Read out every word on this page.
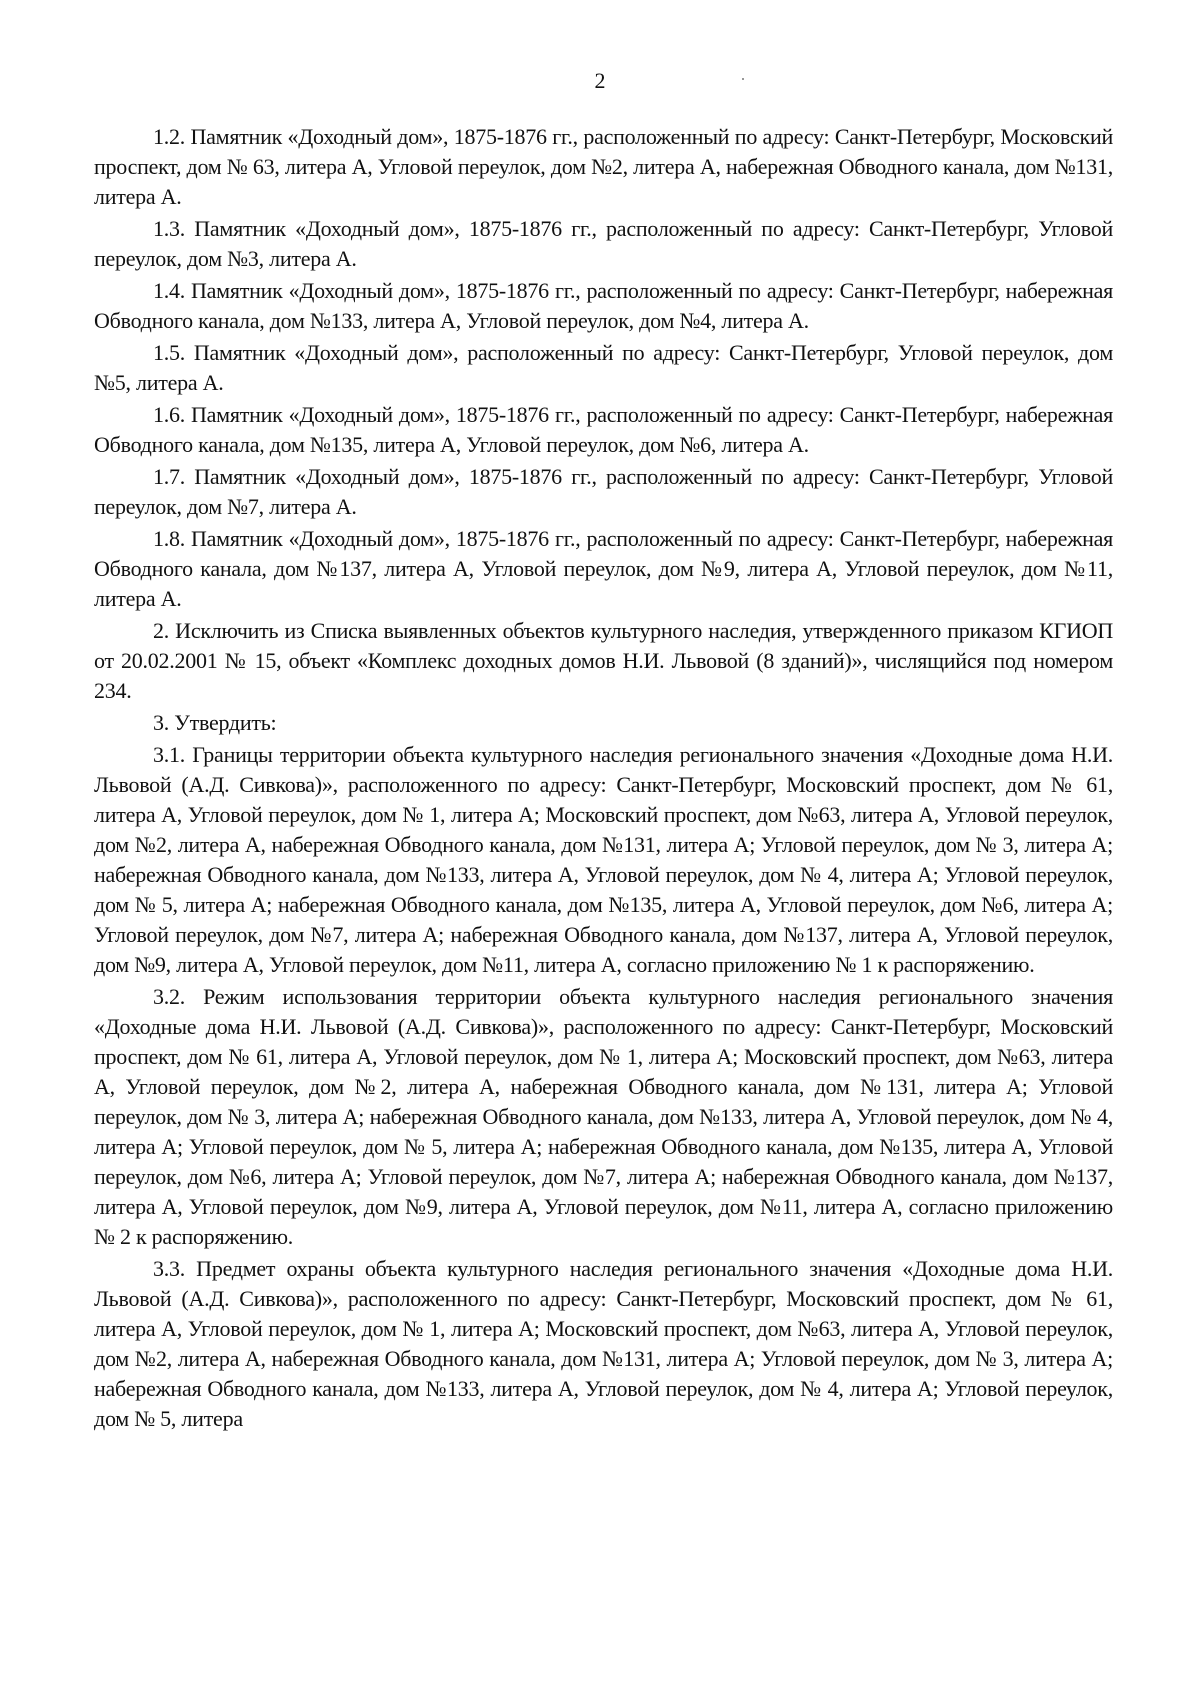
2

1.2. Памятник «Доходный дом», 1875-1876 гг., расположенный по адресу: Санкт-Петербург, Московский проспект, дом № 63, литера А, Угловой переулок, дом №2, литера А, набережная Обводного канала, дом №131, литера А.

1.3. Памятник «Доходный дом», 1875-1876 гг., расположенный по адресу: Санкт-Петербург, Угловой переулок, дом №3, литера А.

1.4. Памятник «Доходный дом», 1875-1876 гг., расположенный по адресу: Санкт-Петербург, набережная Обводного канала, дом №133, литера А, Угловой переулок, дом №4, литера А.

1.5. Памятник «Доходный дом», расположенный по адресу: Санкт-Петербург, Угловой переулок, дом №5, литера А.

1.6. Памятник «Доходный дом», 1875-1876 гг., расположенный по адресу: Санкт-Петербург, набережная Обводного канала, дом №135, литера А, Угловой переулок, дом №6, литера А.

1.7. Памятник «Доходный дом», 1875-1876 гг., расположенный по адресу: Санкт-Петербург, Угловой переулок, дом №7, литера А.

1.8. Памятник «Доходный дом», 1875-1876 гг., расположенный по адресу: Санкт-Петербург, набережная Обводного канала, дом №137, литера А, Угловой переулок, дом №9, литера А, Угловой переулок, дом №11, литера А.

2. Исключить из Списка выявленных объектов культурного наследия, утвержденного приказом КГИОП от 20.02.2001 № 15, объект «Комплекс доходных домов Н.И. Львовой (8 зданий)», числящийся под номером 234.

3. Утвердить:

3.1. Границы территории объекта культурного наследия регионального значения «Доходные дома Н.И. Львовой (А.Д. Сивкова)», расположенного по адресу: Санкт-Петербург, Московский проспект, дом № 61, литера А, Угловой переулок, дом № 1, литера А; Московский проспект, дом №63, литера А, Угловой переулок, дом №2, литера А, набережная Обводного канала, дом №131, литера А; Угловой переулок, дом № 3, литера А; набережная Обводного канала, дом №133, литера А, Угловой переулок, дом № 4, литера А; Угловой переулок, дом № 5, литера А; набережная Обводного канала, дом №135, литера А, Угловой переулок, дом №6, литера А; Угловой переулок, дом №7, литера А; набережная Обводного канала, дом №137, литера А, Угловой переулок, дом №9, литера А, Угловой переулок, дом №11, литера А, согласно приложению № 1 к распоряжению.

3.2. Режим использования территории объекта культурного наследия регионального значения «Доходные дома Н.И. Львовой (А.Д. Сивкова)», расположенного по адресу: Санкт-Петербург, Московский проспект, дом № 61, литера А, Угловой переулок, дом № 1, литера А; Московский проспект, дом №63, литера А, Угловой переулок, дом №2, литера А, набережная Обводного канала, дом №131, литера А; Угловой переулок, дом № 3, литера А; набережная Обводного канала, дом №133, литера А, Угловой переулок, дом № 4, литера А; Угловой переулок, дом № 5, литера А; набережная Обводного канала, дом №135, литера А, Угловой переулок, дом №6, литера А; Угловой переулок, дом №7, литера А; набережная Обводного канала, дом №137, литера А, Угловой переулок, дом №9, литера А, Угловой переулок, дом №11, литера А, согласно приложению № 2 к распоряжению.

3.3. Предмет охраны объекта культурного наследия регионального значения «Доходные дома Н.И. Львовой (А.Д. Сивкова)», расположенного по адресу: Санкт-Петербург, Московский проспект, дом № 61, литера А, Угловой переулок, дом № 1, литера А; Московский проспект, дом №63, литера А, Угловой переулок, дом №2, литера А, набережная Обводного канала, дом №131, литера А; Угловой переулок, дом № 3, литера А; набережная Обводного канала, дом №133, литера А, Угловой переулок, дом № 4, литера А; Угловой переулок, дом № 5, литера
